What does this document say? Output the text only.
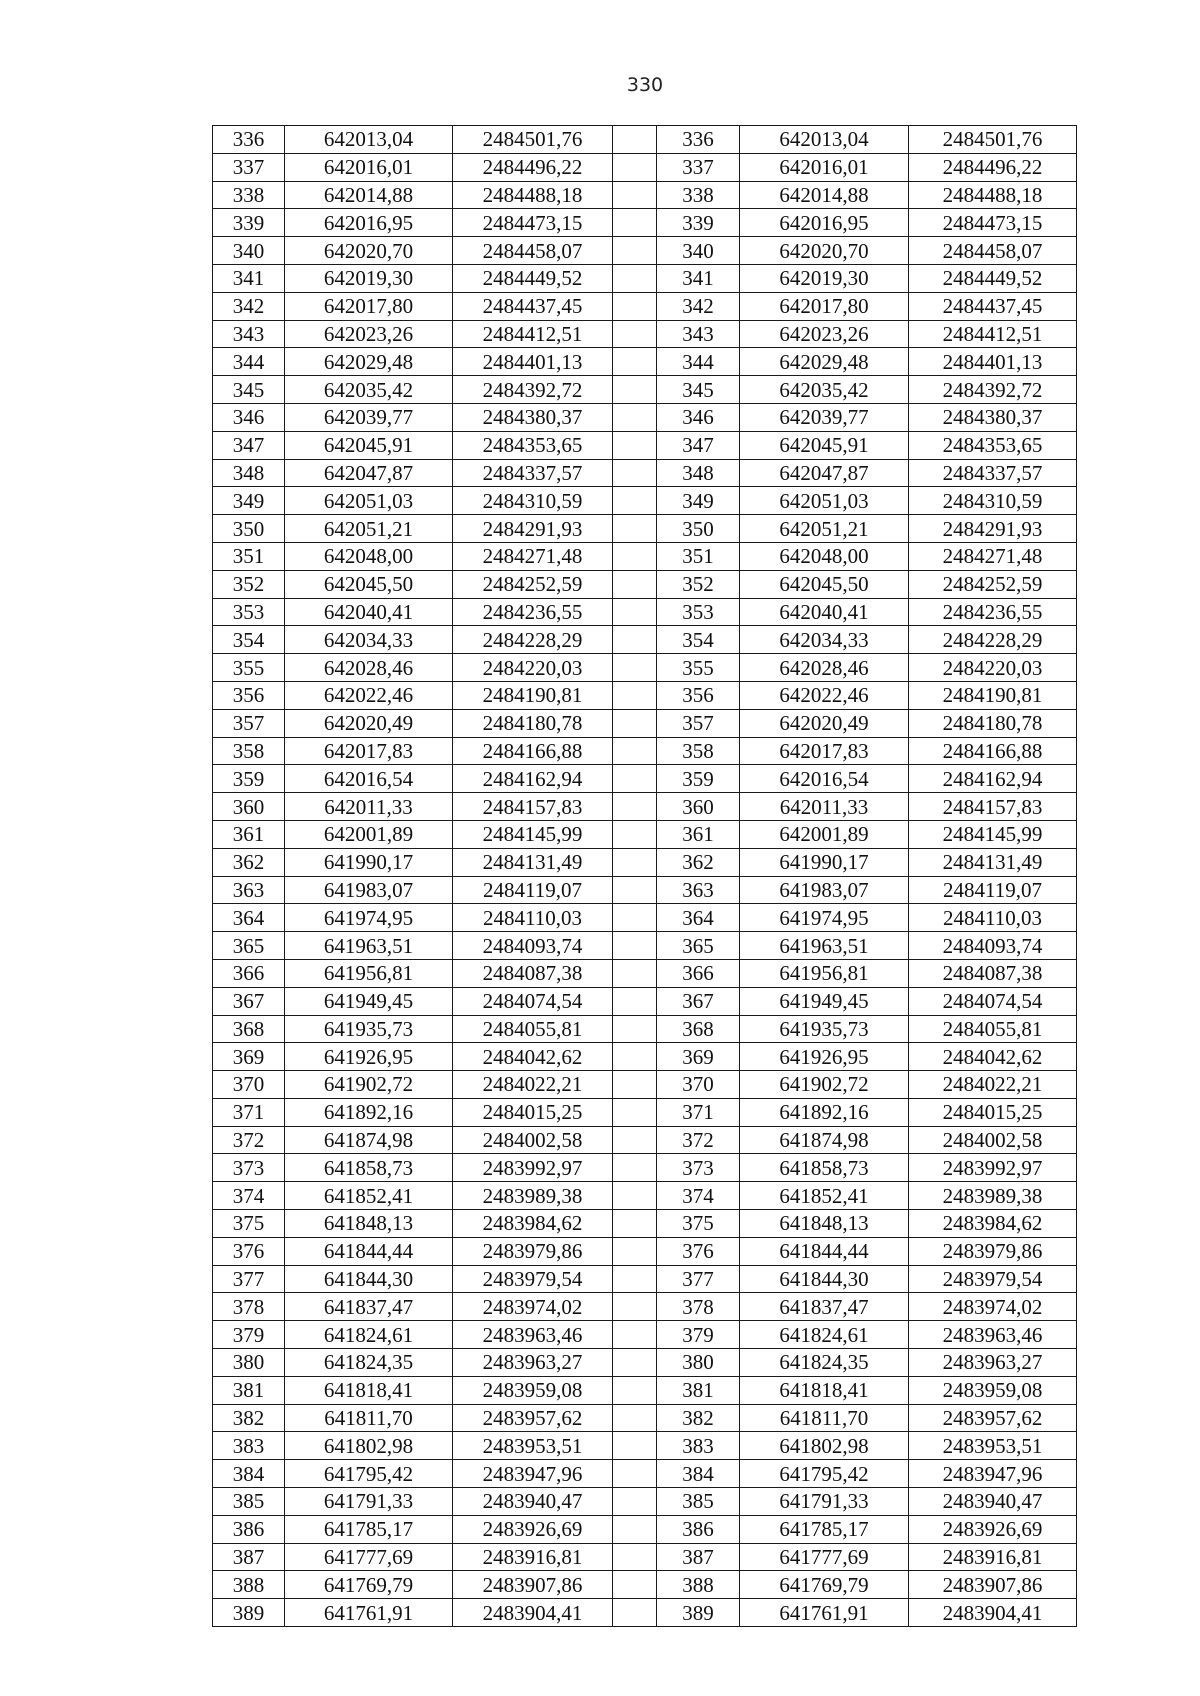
330
336	642013,04	2484501,76		336	642013,04	2484501,76
337	642016,01	2484496,22		337	642016,01	2484496,22
338	642014,88	2484488,18		338	642014,88	2484488,18
339	642016,95	2484473,15		339	642016,95	2484473,15
340	642020,70	2484458,07		340	642020,70	2484458,07
341	642019,30	2484449,52		341	642019,30	2484449,52
342	642017,80	2484437,45		342	642017,80	2484437,45
343	642023,26	2484412,51		343	642023,26	2484412,51
344	642029,48	2484401,13		344	642029,48	2484401,13
345	642035,42	2484392,72		345	642035,42	2484392,72
346	642039,77	2484380,37		346	642039,77	2484380,37
347	642045,91	2484353,65		347	642045,91	2484353,65
348	642047,87	2484337,57		348	642047,87	2484337,57
349	642051,03	2484310,59		349	642051,03	2484310,59
350	642051,21	2484291,93		350	642051,21	2484291,93
351	642048,00	2484271,48		351	642048,00	2484271,48
352	642045,50	2484252,59		352	642045,50	2484252,59
353	642040,41	2484236,55		353	642040,41	2484236,55
354	642034,33	2484228,29		354	642034,33	2484228,29
355	642028,46	2484220,03		355	642028,46	2484220,03
356	642022,46	2484190,81		356	642022,46	2484190,81
357	642020,49	2484180,78		357	642020,49	2484180,78
358	642017,83	2484166,88		358	642017,83	2484166,88
359	642016,54	2484162,94		359	642016,54	2484162,94
360	642011,33	2484157,83		360	642011,33	2484157,83
361	642001,89	2484145,99		361	642001,89	2484145,99
362	641990,17	2484131,49		362	641990,17	2484131,49
363	641983,07	2484119,07		363	641983,07	2484119,07
364	641974,95	2484110,03		364	641974,95	2484110,03
365	641963,51	2484093,74		365	641963,51	2484093,74
366	641956,81	2484087,38		366	641956,81	2484087,38
367	641949,45	2484074,54		367	641949,45	2484074,54
368	641935,73	2484055,81		368	641935,73	2484055,81
369	641926,95	2484042,62		369	641926,95	2484042,62
370	641902,72	2484022,21		370	641902,72	2484022,21
371	641892,16	2484015,25		371	641892,16	2484015,25
372	641874,98	2484002,58		372	641874,98	2484002,58
373	641858,73	2483992,97		373	641858,73	2483992,97
374	641852,41	2483989,38		374	641852,41	2483989,38
375	641848,13	2483984,62		375	641848,13	2483984,62
376	641844,44	2483979,86		376	641844,44	2483979,86
377	641844,30	2483979,54		377	641844,30	2483979,54
378	641837,47	2483974,02		378	641837,47	2483974,02
379	641824,61	2483963,46		379	641824,61	2483963,46
380	641824,35	2483963,27		380	641824,35	2483963,27
381	641818,41	2483959,08		381	641818,41	2483959,08
382	641811,70	2483957,62		382	641811,70	2483957,62
383	641802,98	2483953,51		383	641802,98	2483953,51
384	641795,42	2483947,96		384	641795,42	2483947,96
385	641791,33	2483940,47		385	641791,33	2483940,47
386	641785,17	2483926,69		386	641785,17	2483926,69
387	641777,69	2483916,81		387	641777,69	2483916,81
388	641769,79	2483907,86		388	641769,79	2483907,86
389	641761,91	2483904,41		389	641761,91	2483904,41
